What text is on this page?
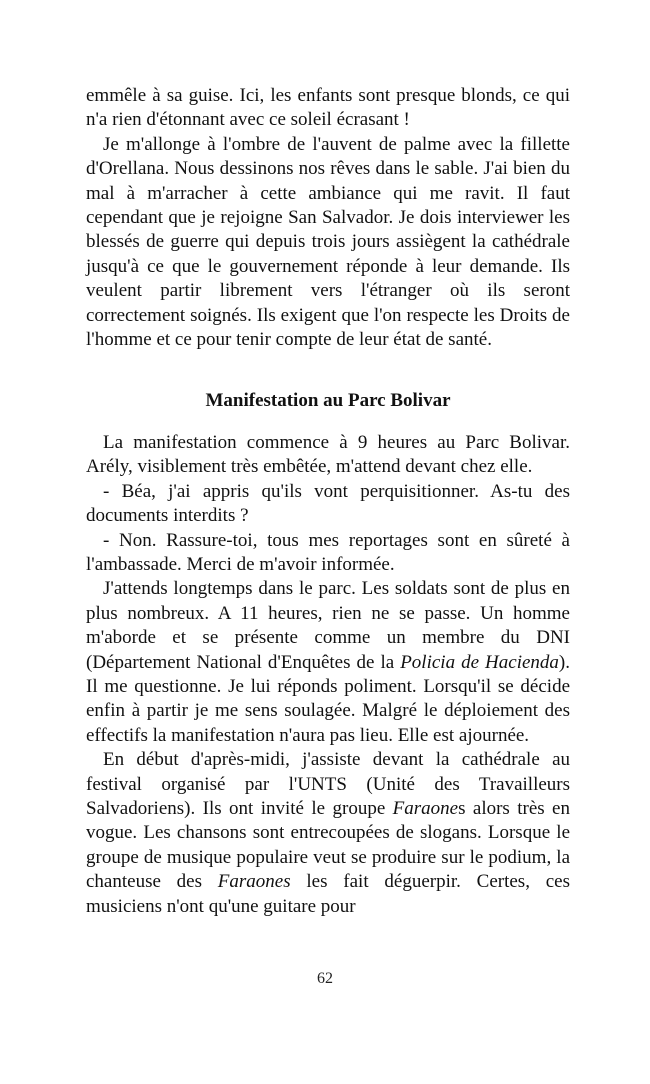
emmêle à sa guise. Ici, les enfants sont presque blonds, ce qui n'a rien d'étonnant avec ce soleil écrasant !

Je m'allonge à l'ombre de l'auvent de palme avec la fillette d'Orellana. Nous dessinons nos rêves dans le sable. J'ai bien du mal à m'arracher à cette ambiance qui me ravit. Il faut cependant que je rejoigne San Salvador. Je dois interviewer les blessés de guerre qui depuis trois jours assiègent la cathédrale jusqu'à ce que le gouvernement réponde à leur demande. Ils veulent partir librement vers l'étranger où ils seront correctement soignés. Ils exigent que l'on respecte les Droits de l'homme et ce pour tenir compte de leur état de santé.

Manifestation au Parc Bolivar

La manifestation commence à 9 heures au Parc Bolivar. Arély, visiblement très embêtée, m'attend devant chez elle.

- Béa, j'ai appris qu'ils vont perquisitionner. As-tu des documents interdits ?

- Non. Rassure-toi, tous mes reportages sont en sûreté à l'ambassade. Merci de m'avoir informée.

J'attends longtemps dans le parc. Les soldats sont de plus en plus nombreux. A 11 heures, rien ne se passe. Un homme m'aborde et se présente comme un membre du DNI (Département National d'Enquêtes de la Policia de Hacienda). Il me questionne. Je lui réponds poliment. Lorsqu'il se décide enfin à partir je me sens soulagée. Malgré le déploiement des effectifs la manifestation n'aura pas lieu. Elle est ajournée.

En début d'après-midi, j'assiste devant la cathédrale au festival organisé par l'UNTS (Unité des Travailleurs Salvadoriens). Ils ont invité le groupe Faraones alors très en vogue. Les chansons sont entrecoupées de slogans. Lorsque le groupe de musique populaire veut se produire sur le podium, la chanteuse des Faraones les fait déguerpir. Certes, ces musiciens n'ont qu'une guitare pour

62
